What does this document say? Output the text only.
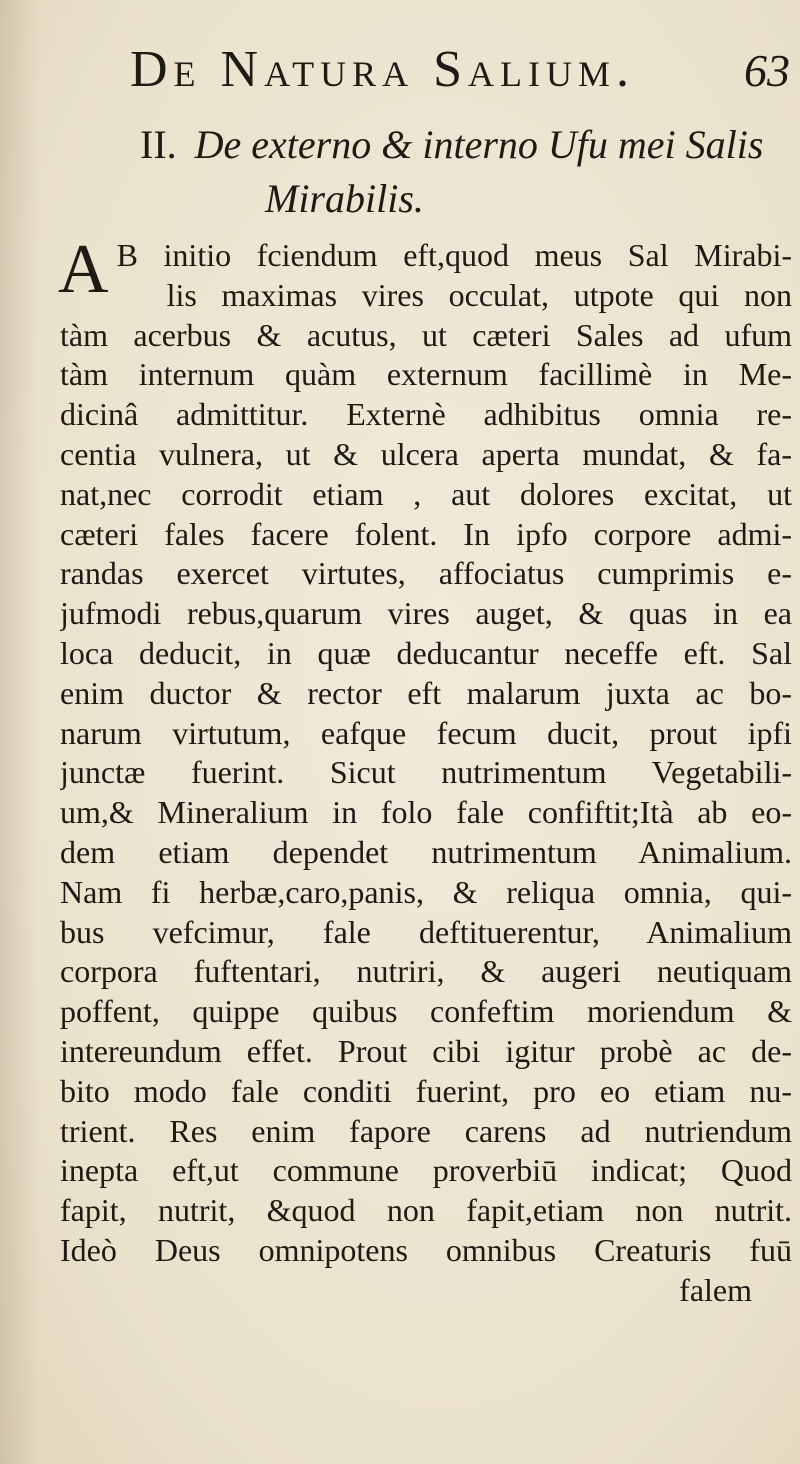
De Natura Salium. 63
II. De externo & interno Ufu mei Salis
Mirabilis.
A B initio fciendum eft,quod meus Sal Mirabi-
lis maximas vires occulat, utpote qui non
tàm acerbus & acutus, ut cæteri Sales ad ufum
tàm internum quàm externum facillimè in Me-
dicinâ admittitur. Externè adhibitus omnia re-
centia vulnera, ut & ulcera aperta mundat, & fa-
nat,nec corrodit etiam , aut dolores excitat, ut
cæteri fales facere folent. In ipfo corpore admi-
randas exercet virtutes, affociatus cumprimis e-
jufmodi rebus,quarum vires auget, & quas in ea
loca deducit, in quæ deducantur neceffe eft. Sal
enim ductor & rector eft malarum juxta ac bo-
narum virtutum, eafque fecum ducit, prout ipfi
junctæ fuerint. Sicut nutrimentum Vegetabili-
um,& Mineralium in folo fale confiftit;Ità ab eo-
dem etiam dependet nutrimentum Animalium.
Nam fi herbæ,caro,panis, & reliqua omnia, qui-
bus vefcimur, fale deftituerentur, Animalium
corpora fuftentari, nutriri, & augeri neutiquam
poffent, quippe quibus confeftim moriendum &
intereundum effet. Prout cibi igitur probè ac de-
bito modo fale conditi fuerint, pro eo etiam nu-
trient. Res enim fapore carens ad nutriendum
inepta eft,ut commune proverbiū indicat; Quod
fapit, nutrit, &quod non fapit,etiam non nutrit.
Ideò Deus omnipotens omnibus Creaturis fuū
falem
